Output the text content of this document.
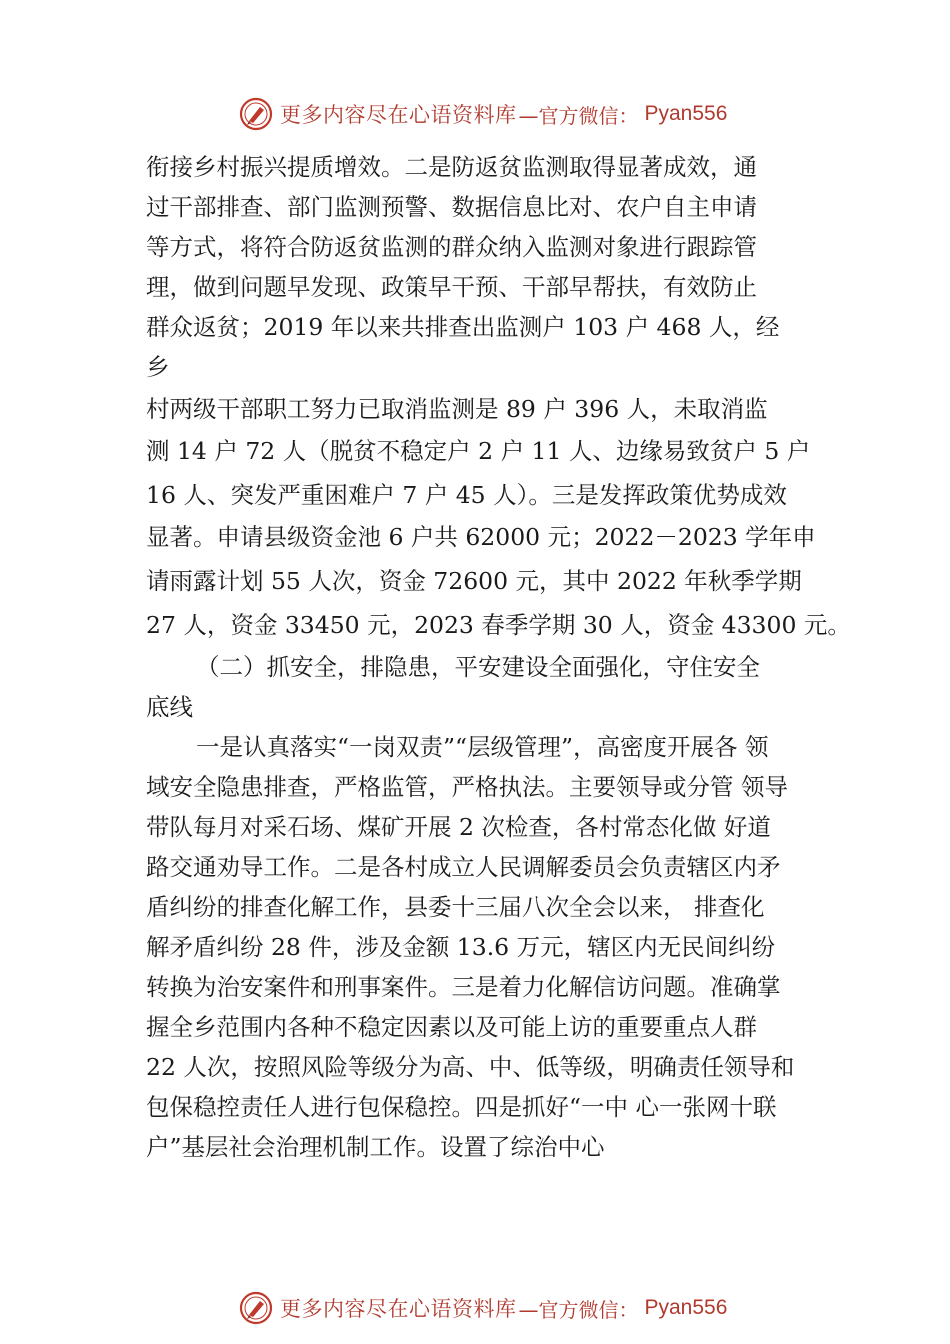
更多内容尽在心语资料库 —官方微信： Pyan556
衔接乡村振兴提质增效。二是防返贫监测取得显著成效，通
过干部排查、部门监测预警、数据信息比对、农户自主申请
等方式，将符合防返贫监测的群众纳入监测对象进行跟踪管
理，做到问题早发现、政策早干预、干部早帮扶，有效防止
群众返贫；2019 年以来共排查出监测户 103 户 468 人，经
乡
村两级干部职工努力已取消监测是 89 户 396 人，未取消监
测 14 户 72 人（脱贫不稳定户 2 户 11 人、边缘易致贫户 5 户
16 人、突发严重困难户 7 户 45 人）。三是发挥政策优势成效
显著。申请县级资金池 6 户共 62000 元；2022－2023 学年申
请雨露计划 55 人次，资金 72600 元，其中 2022 年秋季学期
27 人，资金 33450 元，2023 春季学期 30 人，资金 43300 元。
（二）抓安全，排隐患，平安建设全面强化，守住安全
底线
一是认真落实“一岗双责”“层级管理”，高密度开展各 领
域安全隐患排查，严格监管，严格执法。主要领导或分管 领导
带队每月对采石场、煤矿开展 2 次检查，各村常态化做 好道
路交通劝导工作。二是各村成立人民调解委员会负责辖区内矛
盾纠纷的排查化解工作，县委十三届八次全会以来， 排查化
解矛盾纠纷 28 件，涉及金额 13.6 万元，辖区内无民间纠纷
转换为治安案件和刑事案件。三是着力化解信访问题。准确掌
握全乡范围内各种不稳定因素以及可能上访的重要重点人群
22 人次，按照风险等级分为高、中、低等级，明确责任领导和
包保稳控责任人进行包保稳控。四是抓好“一中 心一张网十联
户”基层社会治理机制工作。设置了综治中心
更多内容尽在心语资料库 —官方微信： Pyan556
